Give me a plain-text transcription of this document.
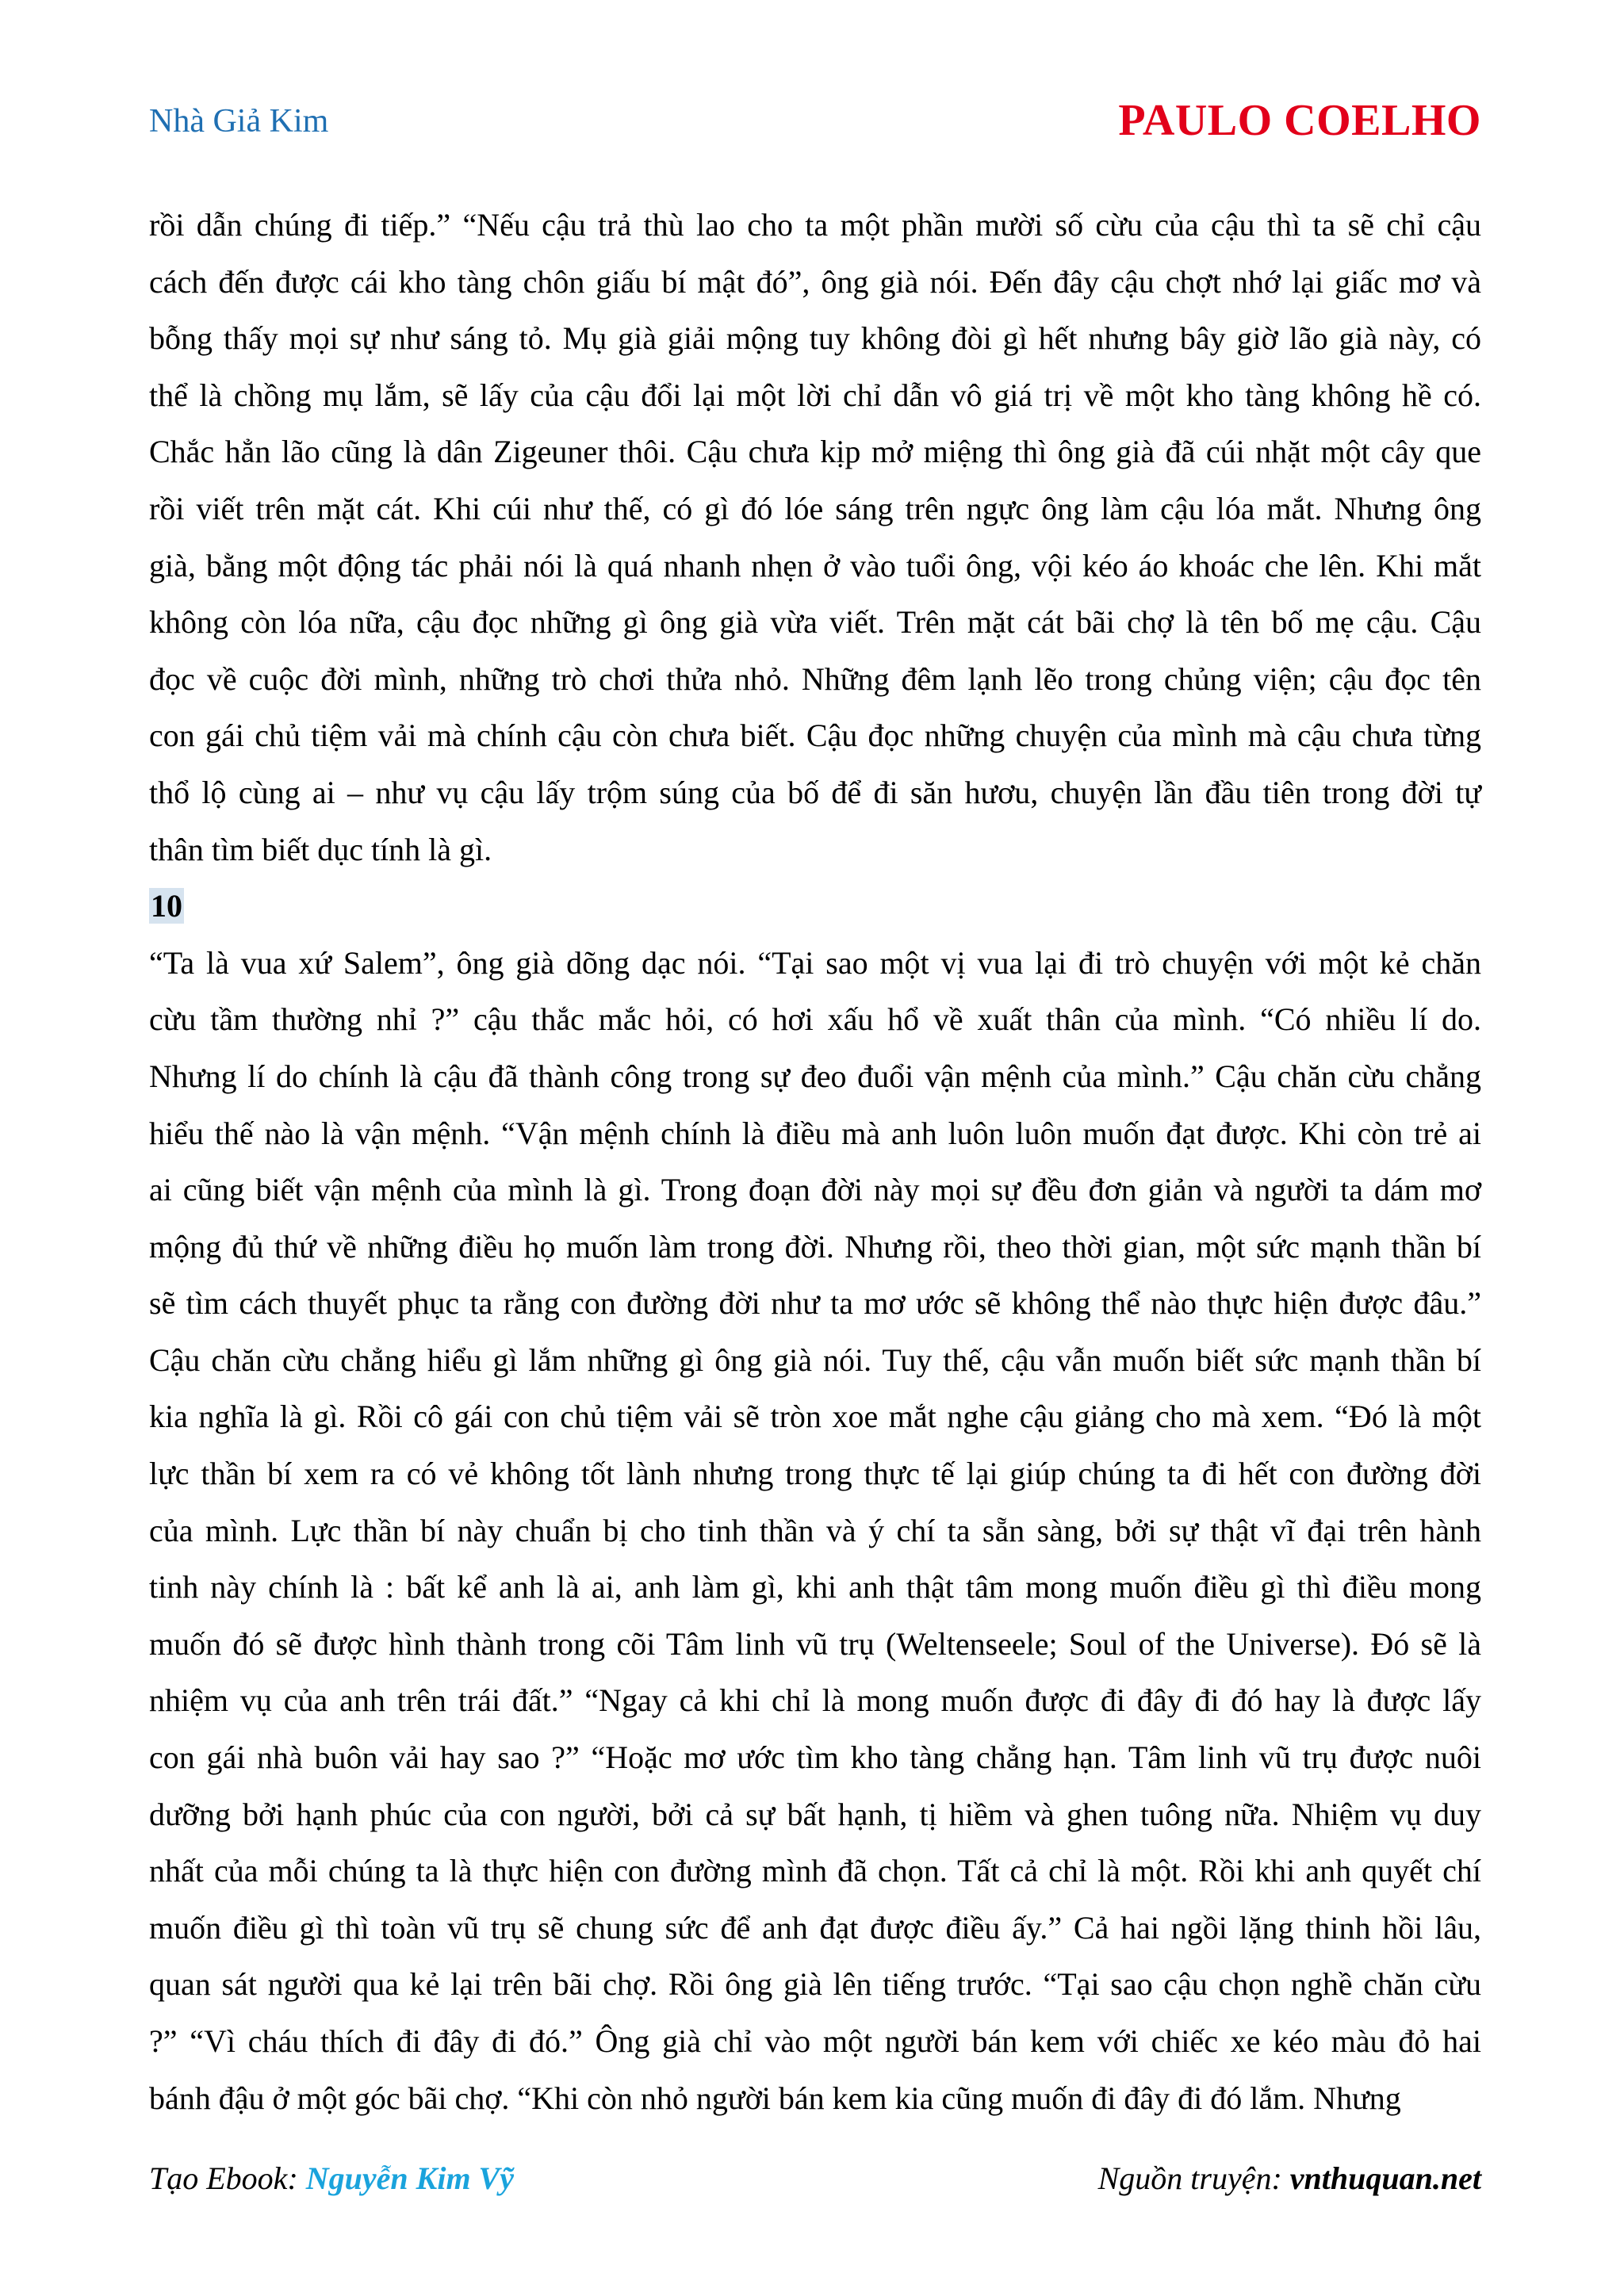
Nhà Giả Kim	PAULO COELHO
rồi dẫn chúng đi tiếp.” “Nếu cậu trả thù lao cho ta một phần mười số cừu của cậu thì ta sẽ chỉ cậu
cách đến được cái kho tàng chôn giấu bí mật đó”, ông già nói. Đến đây cậu chợt nhớ lại giấc mơ và
bỗng thấy mọi sự như sáng tỏ. Mụ già giải mộng tuy không đòi gì hết nhưng bây giờ lão già này, có
thể là chồng mụ lắm, sẽ lấy của cậu đổi lại một lời chỉ dẫn vô giá trị về một kho tàng không hề có.
Chắc hẳn lão cũng là dân Zigeuner thôi. Cậu chưa kịp mở miệng thì ông già đã cúi nhặt một cây que
rồi viết trên mặt cát. Khi cúi như thế, có gì đó lóe sáng trên ngực ông làm cậu lóa mắt. Nhưng ông
già, bằng một động tác phải nói là quá nhanh nhẹn ở vào tuổi ông, vội kéo áo khoác che lên. Khi mắt
không còn lóa nữa, cậu đọc những gì ông già vừa viết. Trên mặt cát bãi chợ là tên bố mẹ cậu. Cậu
đọc về cuộc đời mình, những trò chơi thửa nhỏ. Những đêm lạnh lẽo trong chủng viện; cậu đọc tên
con gái chủ tiệm vải mà chính cậu còn chưa biết. Cậu đọc những chuyện của mình mà cậu chưa từng
thổ lộ cùng ai – như vụ cậu lấy trộm súng của bố để đi săn hươu, chuyện lần đầu tiên trong đời tự
thân tìm biết dục tính là gì.
10
“Ta là vua xứ Salem”, ông già dõng dạc nói. “Tại sao một vị vua lại đi trò chuyện với một kẻ chăn
cừu tầm thường nhỉ ?” cậu thắc mắc hỏi, có hơi xấu hổ về xuất thân của mình. “Có nhiều lí do.
Nhưng lí do chính là cậu đã thành công trong sự đeo đuổi vận mệnh của mình.” Cậu chăn cừu chẳng
hiểu thế nào là vận mệnh. “Vận mệnh chính là điều mà anh luôn luôn muốn đạt được. Khi còn trẻ ai
ai cũng biết vận mệnh của mình là gì. Trong đoạn đời này mọi sự đều đơn giản và người ta dám mơ
mộng đủ thứ về những điều họ muốn làm trong đời. Nhưng rồi, theo thời gian, một sức mạnh thần bí
sẽ tìm cách thuyết phục ta rằng con đường đời như ta mơ ước sẽ không thể nào thực hiện được đâu.”
Cậu chăn cừu chẳng hiểu gì lắm những gì ông già nói. Tuy thế, cậu vẫn muốn biết sức mạnh thần bí
kia nghĩa là gì. Rồi cô gái con chủ tiệm vải sẽ tròn xoe mắt nghe cậu giảng cho mà xem. “Đó là một
lực thần bí xem ra có vẻ không tốt lành nhưng trong thực tế lại giúp chúng ta đi hết con đường đời
của mình. Lực thần bí này chuẩn bị cho tinh thần và ý chí ta sẵn sàng, bởi sự thật vĩ đại trên hành
tinh này chính là : bất kể anh là ai, anh làm gì, khi anh thật tâm mong muốn điều gì thì điều mong
muốn đó sẽ được hình thành trong cõi Tâm linh vũ trụ (Weltenseele; Soul of the Universe). Đó sẽ là
nhiệm vụ của anh trên trái đất.” “Ngay cả khi chỉ là mong muốn được đi đây đi đó hay là được lấy
con gái nhà buôn vải hay sao ?” “Hoặc mơ ước tìm kho tàng chẳng hạn. Tâm linh vũ trụ được nuôi
dưỡng bởi hạnh phúc của con người, bởi cả sự bất hạnh, tị hiềm và ghen tuông nữa. Nhiệm vụ duy
nhất của mỗi chúng ta là thực hiện con đường mình đã chọn. Tất cả chỉ là một. Rồi khi anh quyết chí
muốn điều gì thì toàn vũ trụ sẽ chung sức để anh đạt được điều ấy.” Cả hai ngồi lặng thinh hồi lâu,
quan sát người qua kẻ lại trên bãi chợ. Rồi ông già lên tiếng trước. “Tại sao cậu chọn nghề chăn cừu
?” “Vì cháu thích đi đây đi đó.” Ông già chỉ vào một người bán kem với chiếc xe kéo màu đỏ hai
bánh đậu ở một góc bãi chợ. “Khi còn nhỏ người bán kem kia cũng muốn đi đây đi đó lắm. Nhưng
Tạo Ebook: Nguyễn Kim Vỹ	Nguồn truyện: vnthuquan.net
